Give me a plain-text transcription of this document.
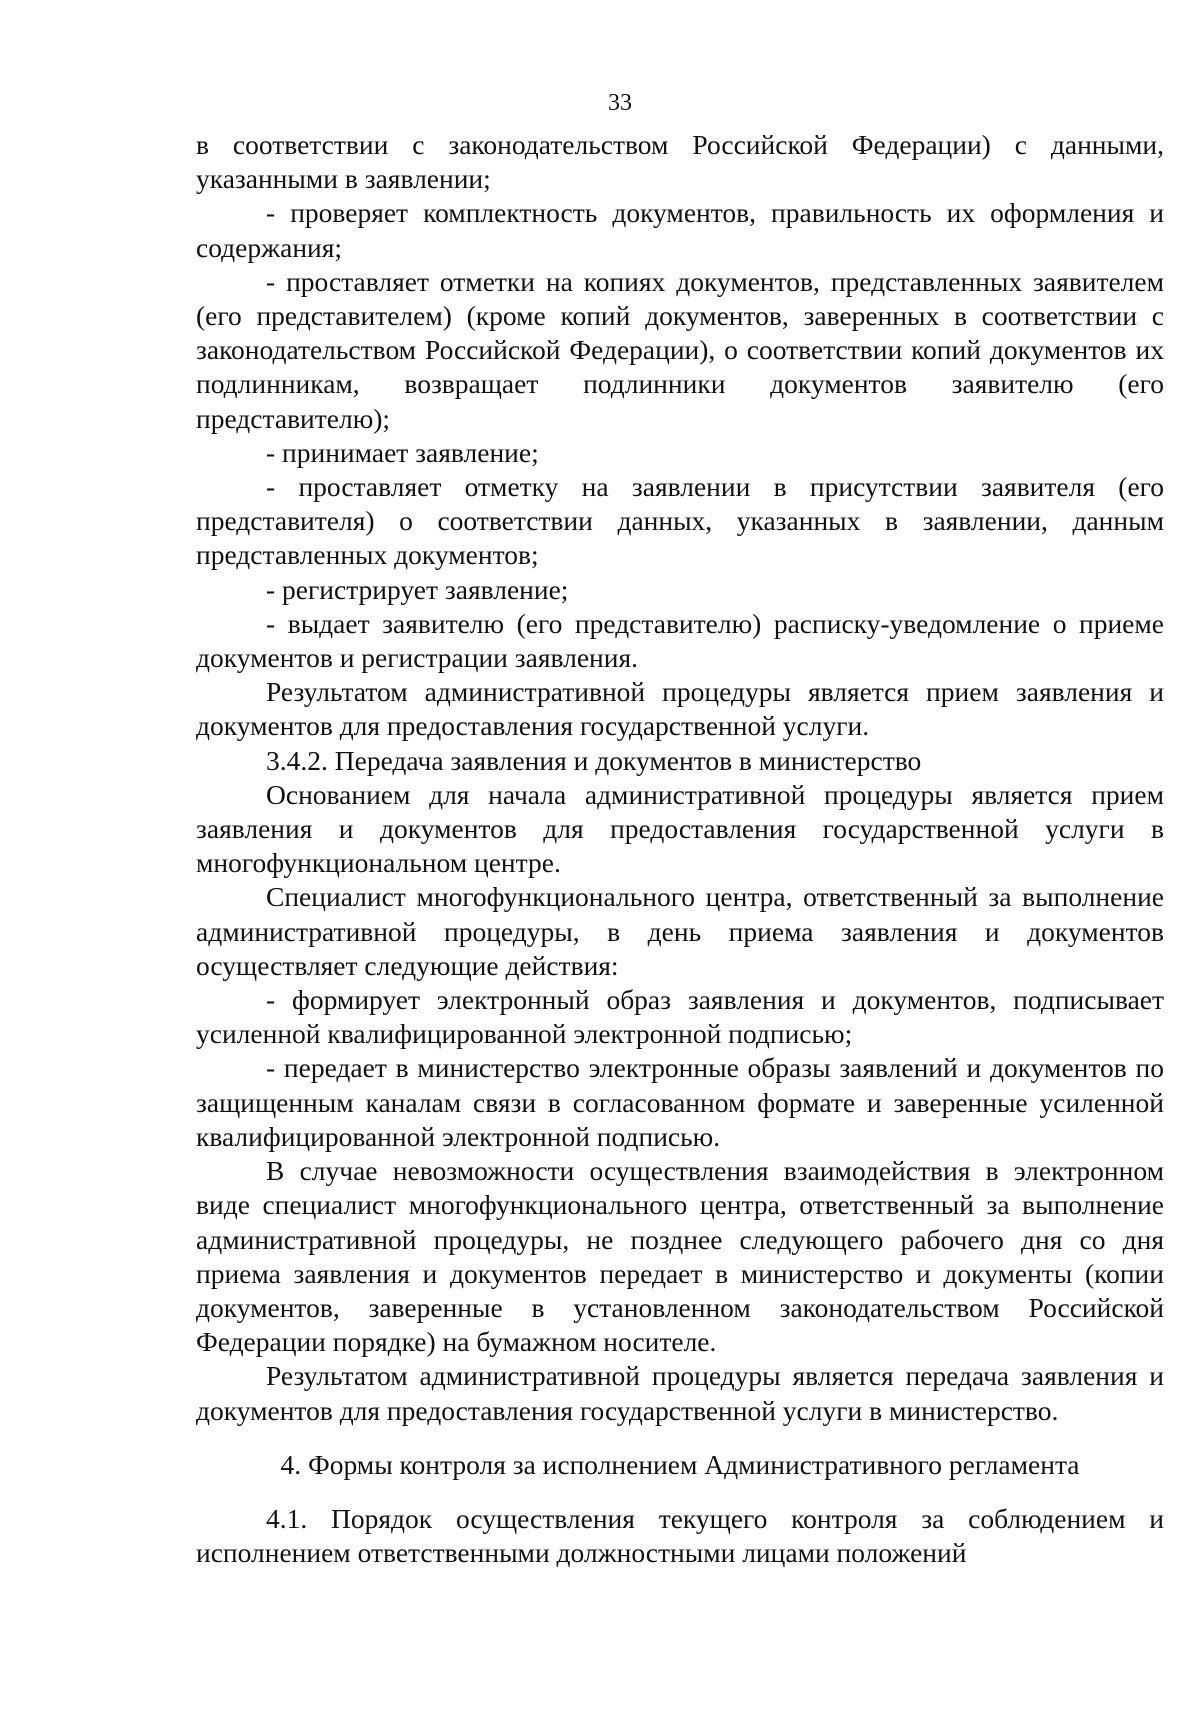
33

в соответствии с законодательством Российской Федерации) с данными, указанными в заявлении;

- проверяет комплектность документов, правильность их оформления и содержания;

- проставляет отметки на копиях документов, представленных заявителем (его представителем) (кроме копий документов, заверенных в соответствии с законодательством Российской Федерации), о соответствии копий документов их подлинникам, возвращает подлинники документов заявителю (его представителю);

- принимает заявление;

- проставляет отметку на заявлении в присутствии заявителя (его представителя) о соответствии данных, указанных в заявлении, данным представленных документов;

- регистрирует заявление;

- выдает заявителю (его представителю) расписку-уведомление о приеме документов и регистрации заявления.

Результатом административной процедуры является прием заявления и документов для предоставления государственной услуги.

3.4.2. Передача заявления и документов в министерство

Основанием для начала административной процедуры является прием заявления и документов для предоставления государственной услуги в многофункциональном центре.

Специалист многофункционального центра, ответственный за выполнение административной процедуры, в день приема заявления и документов осуществляет следующие действия:

- формирует электронный образ заявления и документов, подписывает усиленной квалифицированной электронной подписью;

- передает в министерство электронные образы заявлений и документов по защищенным каналам связи в согласованном формате и заверенные усиленной квалифицированной электронной подписью.

В случае невозможности осуществления взаимодействия в электронном виде специалист многофункционального центра, ответственный за выполнение административной процедуры, не позднее следующего рабочего дня со дня приема заявления и документов передает в министерство и документы (копии документов, заверенные в установленном законодательством Российской Федерации порядке) на бумажном носителе.

Результатом административной процедуры является передача заявления и документов для предоставления государственной услуги в министерство.

4. Формы контроля за исполнением Административного регламента

4.1. Порядок осуществления текущего контроля за соблюдением и исполнением ответственными должностными лицами положений
